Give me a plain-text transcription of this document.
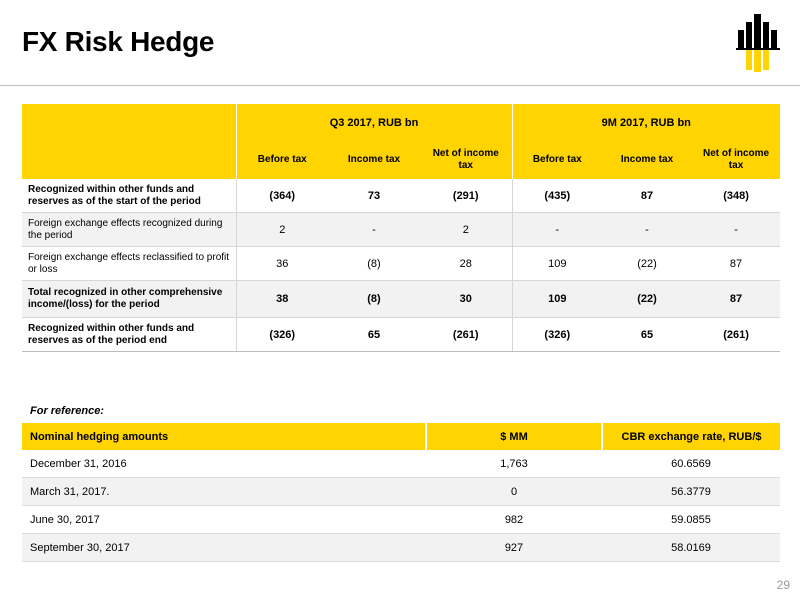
FX Risk Hedge
	Q3 2017, RUB bn			9M 2017, RUB bn		
	Before tax	Income tax	Net of income tax	Before tax	Income tax	Net of income tax
Recognized within other funds and reserves as of the start of the period	(364)	73	(291)	(435)	87	(348)
Foreign exchange effects recognized during the period	2	-	2	-	-	-
Foreign exchange effects reclassified to profit or loss	36	(8)	28	109	(22)	87
Total recognized in other comprehensive income/(loss) for the period	38	(8)	30	109	(22)	87
Recognized within other funds and reserves as of the period end	(326)	65	(261)	(326)	65	(261)
For reference:
Nominal hedging amounts	$ MM	CBR exchange rate, RUB/$
December 31, 2016	1,763	60.6569
March 31, 2017.	0	56.3779
June 30, 2017	982	59.0855
September 30, 2017	927	58.0169
29
